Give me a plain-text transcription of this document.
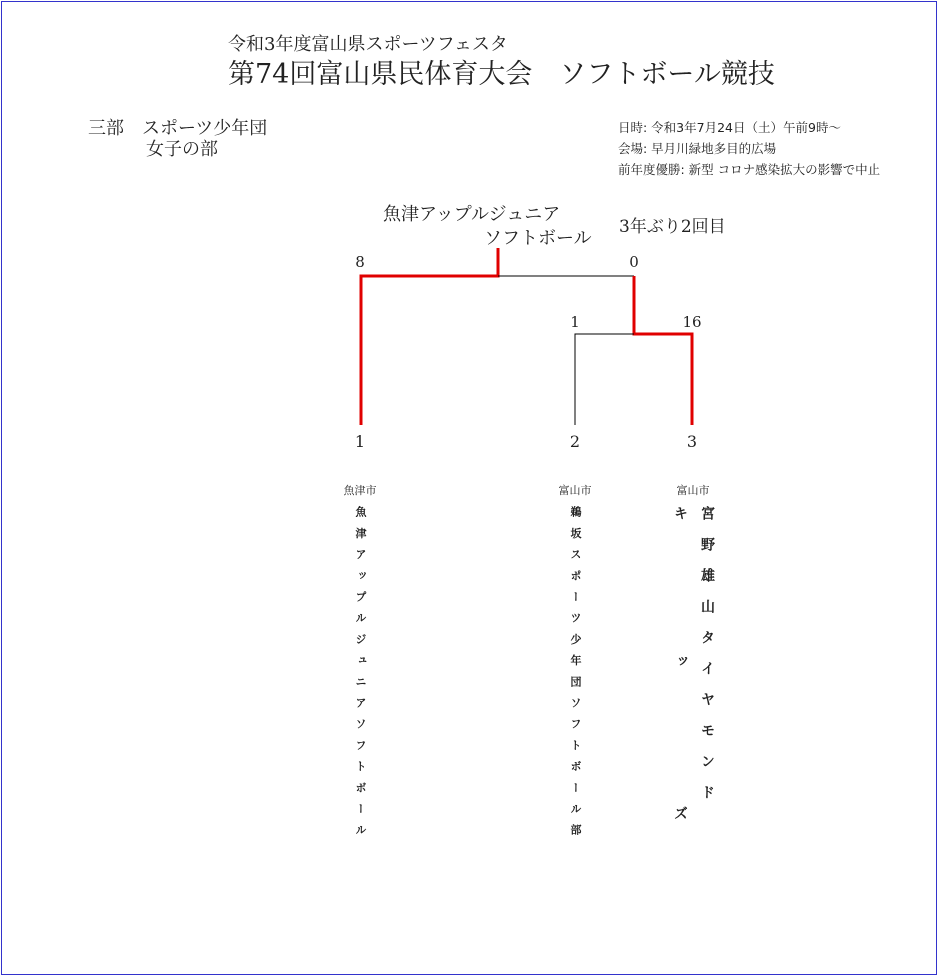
令和3年度富山県スポーツフェスタ
第74回富山県民体育大会　ソフトボール競技
三部　スポーツ少年団
女子の部
日時: 令和3年7月24日（土）午前9時～
会場: 早月川緑地多目的広場
前年度優勝: 新型 コロナ感染拡大の影響で中止
魚津アップルジュニア
ソフトボール
3年ぶり2回目
8	0
1	16
1	2	3
魚津市	富山市	富山市
魚津アップルジュニアソフトボール	鵜坂スポーツ少年団ソフトボール部	宮野雄山タイヤモンド
キ
ッ
ズ
